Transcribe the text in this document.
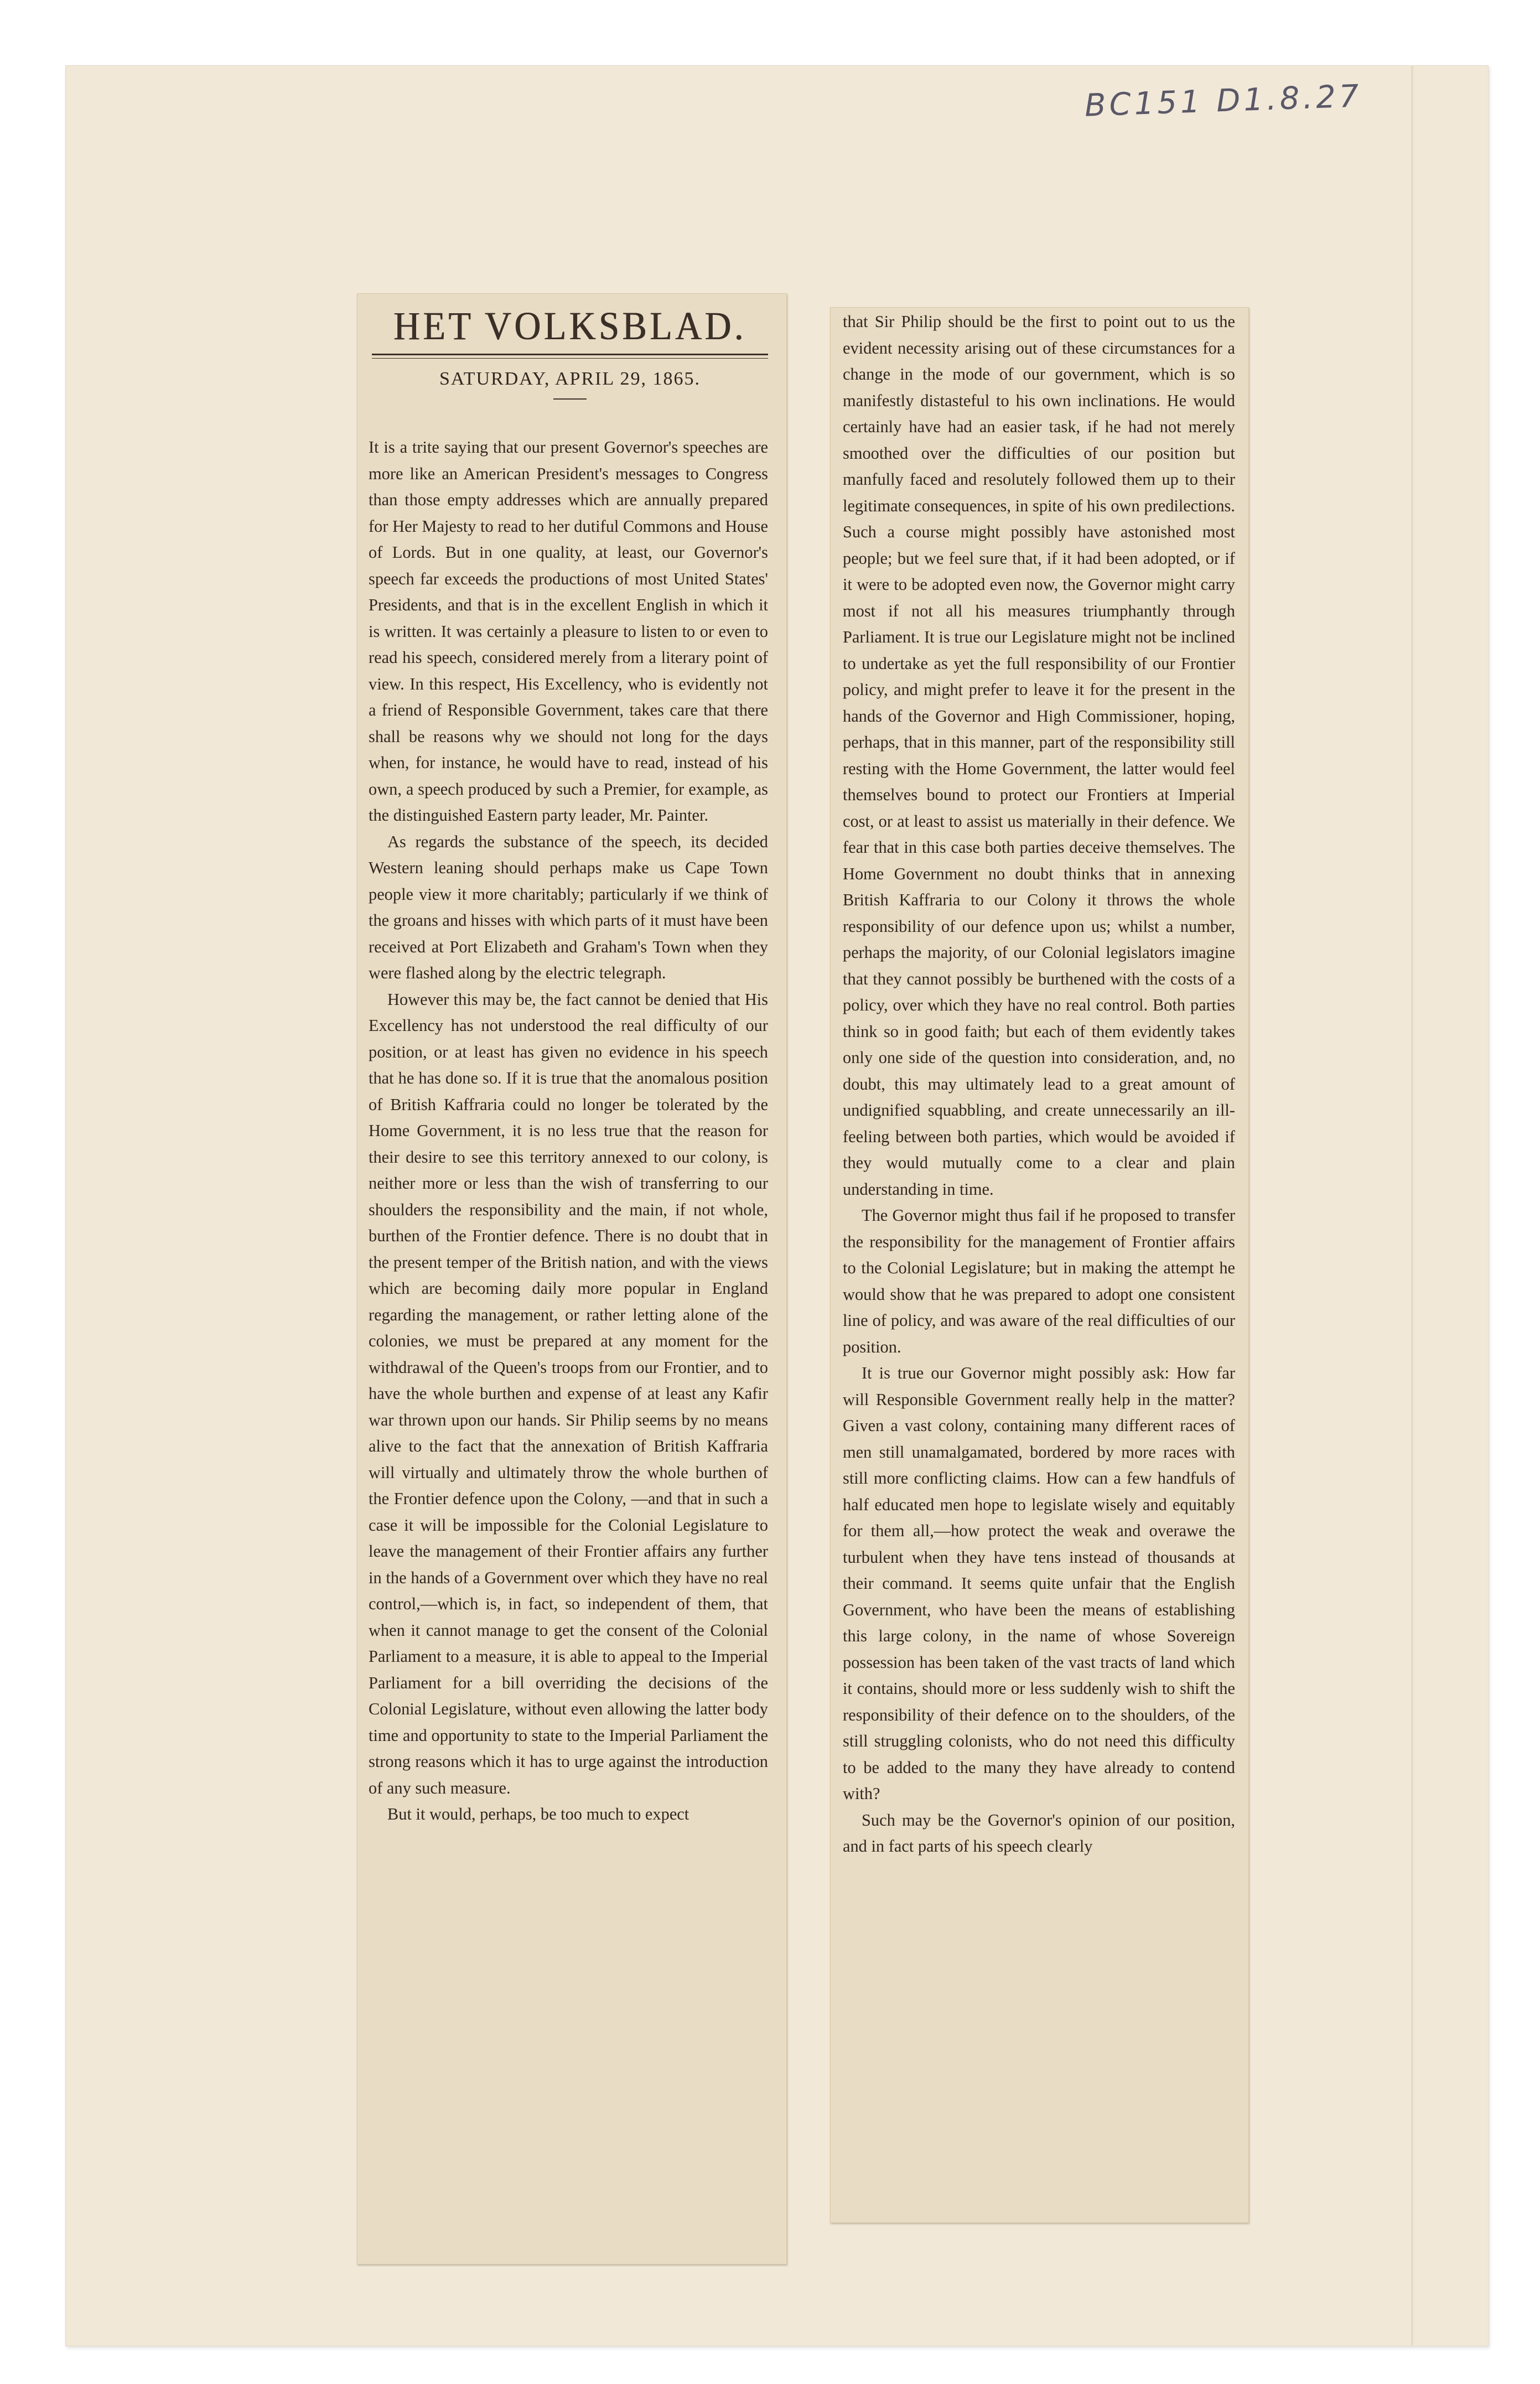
BC151 D1.8.27
HET VOLKSBLAD.
SATURDAY, APRIL 29, 1865.

It is a trite saying that our present Governor's speeches are more like an American President's messages to Congress than those empty addresses which are annually prepared for Her Majesty to read to her dutiful Commons and House of Lords. But in one quality, at least, our Governor's speech far exceeds the productions of most United States' Presidents, and that is in the excellent English in which it is written. It was certainly a pleasure to listen to or even to read his speech, considered merely from a literary point of view. In this respect, His Excellency, who is evidently not a friend of Responsible Government, takes care that there shall be reasons why we should not long for the days when, for instance, he would have to read, instead of his own, a speech produced by such a Premier, for example, as the distinguished Eastern party leader, Mr. Painter.

As regards the substance of the speech, its decided Western leaning should perhaps make us Cape Town people view it more charitably; particularly if we think of the groans and hisses with which parts of it must have been received at Port Elizabeth and Graham's Town when they were flashed along by the electric telegraph.

However this may be, the fact cannot be denied that His Excellency has not understood the real difficulty of our position, or at least has given no evidence in his speech that he has done so. If it is true that the anomalous position of British Kaffraria could no longer be tolerated by the Home Government, it is no less true that the reason for their desire to see this territory annexed to our colony, is neither more or less than the wish of transferring to our shoulders the responsibility and the main, if not whole, burthen of the Frontier defence. There is no doubt that in the present temper of the British nation, and with the views which are becoming daily more popular in England regarding the management, or rather letting alone of the colonies, we must be prepared at any moment for the withdrawal of the Queen's troops from our Frontier, and to have the whole burthen and expense of at least any Kafir war thrown upon our hands. Sir Philip seems by no means alive to the fact that the annexation of British Kaffraria will virtually and ultimately throw the whole burthen of the Frontier defence upon the Colony, —and that in such a case it will be impossible for the Colonial Legislature to leave the management of their Frontier affairs any further in the hands of a Government over which they have no real control,—which is, in fact, so independent of them, that when it cannot manage to get the consent of the Colonial Parliament to a measure, it is able to appeal to the Imperial Parliament for a bill overriding the decisions of the Colonial Legislature, without even allowing the latter body time and opportunity to state to the Imperial Parliament the strong reasons which it has to urge against the introduction of any such measure.

But it would, perhaps, be too much to expect

that Sir Philip should be the first to point out to us the evident necessity arising out of these circumstances for a change in the mode of our government, which is so manifestly distasteful to his own inclinations. He would certainly have had an easier task, if he had not merely smoothed over the difficulties of our position but manfully faced and resolutely followed them up to their legitimate consequences, in spite of his own predilections. Such a course might possibly have astonished most people; but we feel sure that, if it had been adopted, or if it were to be adopted even now, the Governor might carry most if not all his measures triumphantly through Parliament. It is true our Legislature might not be inclined to undertake as yet the full responsibility of our Frontier policy, and might prefer to leave it for the present in the hands of the Governor and High Commissioner, hoping, perhaps, that in this manner, part of the responsibility still resting with the Home Government, the latter would feel themselves bound to protect our Frontiers at Imperial cost, or at least to assist us materially in their defence. We fear that in this case both parties deceive themselves. The Home Government no doubt thinks that in annexing British Kaffraria to our Colony it throws the whole responsibility of our defence upon us; whilst a number, perhaps the majority, of our Colonial legislators imagine that they cannot possibly be burthened with the costs of a policy, over which they have no real control. Both parties think so in good faith; but each of them evidently takes only one side of the question into consideration, and, no doubt, this may ultimately lead to a great amount of undignified squabbling, and create unnecessarily an ill-feeling between both parties, which would be avoided if they would mutually come to a clear and plain understanding in time.

The Governor might thus fail if he proposed to transfer the responsibility for the management of Frontier affairs to the Colonial Legislature; but in making the attempt he would show that he was prepared to adopt one consistent line of policy, and was aware of the real difficulties of our position.

It is true our Governor might possibly ask: How far will Responsible Government really help in the matter? Given a vast colony, containing many different races of men still unamalgamated, bordered by more races with still more conflicting claims. How can a few handfuls of half educated men hope to legislate wisely and equitably for them all,—how protect the weak and overawe the turbulent when they have tens instead of thousands at their command. It seems quite unfair that the English Government, who have been the means of establishing this large colony, in the name of whose Sovereign possession has been taken of the vast tracts of land which it contains, should more or less suddenly wish to shift the responsibility of their defence on to the shoulders, of the still struggling colonists, who do not need this difficulty to be added to the many they have already to contend with?

Such may be the Governor's opinion of our position, and in fact parts of his speech clearly
